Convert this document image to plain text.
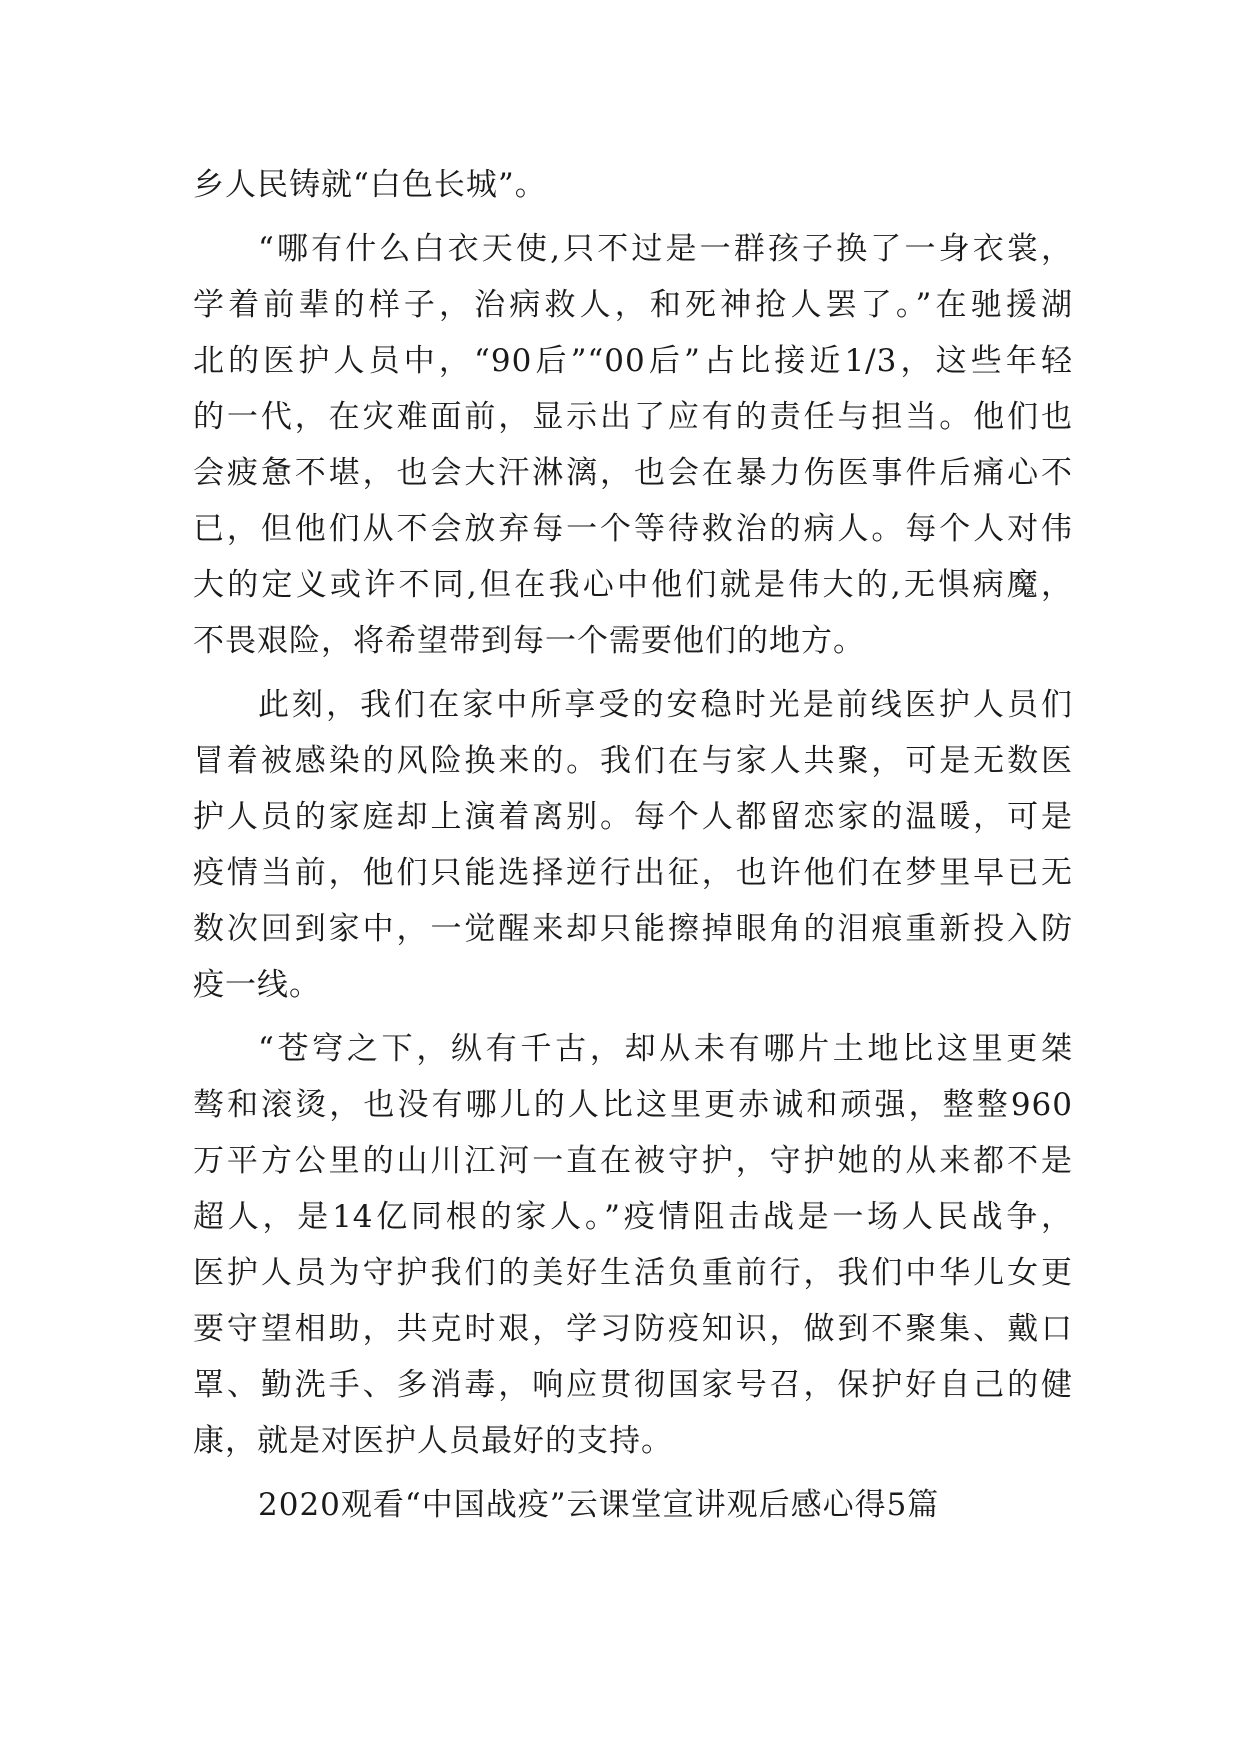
乡人民铸就“白色长城”。
“哪有什么白衣天使,只不过是一群孩子换了一身衣裳，
学着前辈的样子，治病救人，和死神抢人罢了。”在驰援湖
北的医护人员中，“90后”“00后”占比接近1/3，这些年轻
的一代，在灾难面前，显示出了应有的责任与担当。他们也
会疲惫不堪，也会大汗淋漓，也会在暴力伤医事件后痛心不
已，但他们从不会放弃每一个等待救治的病人。每个人对伟
大的定义或许不同,但在我心中他们就是伟大的,无惧病魔，
不畏艰险，将希望带到每一个需要他们的地方。
此刻，我们在家中所享受的安稳时光是前线医护人员们
冒着被感染的风险换来的。我们在与家人共聚，可是无数医
护人员的家庭却上演着离别。每个人都留恋家的温暖，可是
疫情当前，他们只能选择逆行出征，也许他们在梦里早已无
数次回到家中，一觉醒来却只能擦掉眼角的泪痕重新投入防
疫一线。
“苍穹之下，纵有千古，却从未有哪片土地比这里更桀
骜和滚烫，也没有哪儿的人比这里更赤诚和顽强，整整960
万平方公里的山川江河一直在被守护，守护她的从来都不是
超人，是14亿同根的家人。”疫情阻击战是一场人民战争，
医护人员为守护我们的美好生活负重前行，我们中华儿女更
要守望相助，共克时艰，学习防疫知识，做到不聚集、戴口
罩、勤洗手、多消毒，响应贯彻国家号召，保护好自己的健
康，就是对医护人员最好的支持。
2020观看“中国战疫”云课堂宣讲观后感心得5篇
